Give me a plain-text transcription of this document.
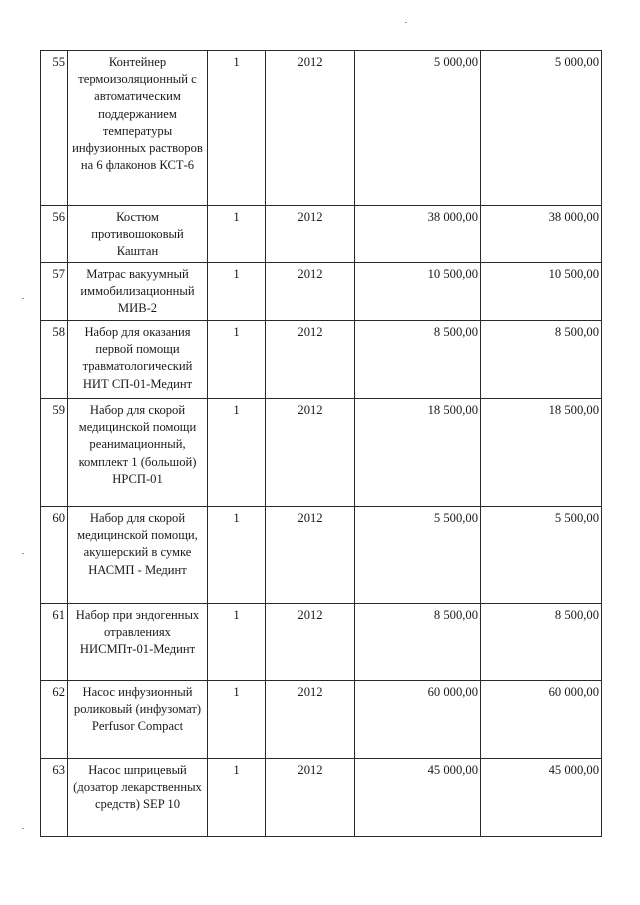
55	Контейнер термоизоляционный с автоматическим поддержанием температуры инфузионных растворов на 6 флаконов КСТ-6	1	2012	5 000,00	5 000,00
56	Костюм противошоковый Каштан	1	2012	38 000,00	38 000,00
57	Матрас вакуумный иммобилизационный МИВ-2	1	2012	10 500,00	10 500,00
58	Набор для оказания первой помощи травматологический НИТ СП-01-Мединт	1	2012	8 500,00	8 500,00
59	Набор для скорой медицинской помощи реанимационный, комплект 1 (большой) НРСП-01	1	2012	18 500,00	18 500,00
60	Набор для скорой медицинской помощи, акушерский в сумке НАСМП - Мединт	1	2012	5 500,00	5 500,00
61	Набор при эндогенных отравлениях НИСМПт-01-Мединт	1	2012	8 500,00	8 500,00
62	Насос инфузионный роликовый (инфузомат) Perfusor Compact	1	2012	60 000,00	60 000,00
63	Насос шприцевый (дозатор лекарственных средств) SEP 10	1	2012	45 000,00	45 000,00
